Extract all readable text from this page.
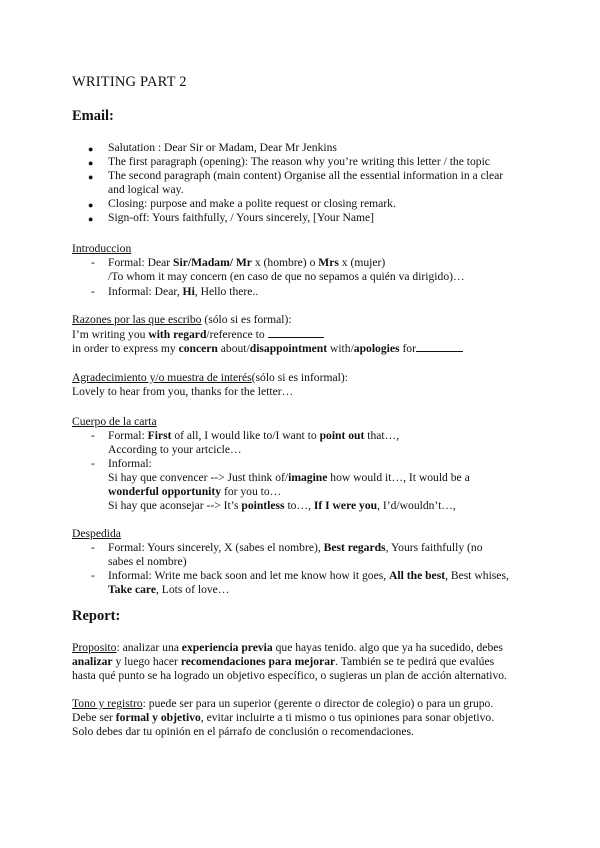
WRITING PART 2
Email:
● Salutation : Dear Sir or Madam, Dear Mr Jenkins
● The first paragraph (opening): The reason why you’re writing this letter / the topic
● The second paragraph (main content) Organise all the essential information in a clear
and logical way.
● Closing: purpose and make a polite request or closing remark.
● Sign-off: Yours faithfully, / Yours sincerely, [Your Name]
Introduccion
- Formal: Dear Sir/Madam/ Mr x (hombre) o Mrs x (mujer)
/To whom it may concern (en caso de que no sepamos a quién va dirigido)…
- Informal: Dear, Hi, Hello there..
Razones por las que escribo (sólo si es formal):
I’m writing you with regard/reference to
in order to express my concern about/disappointment with/apologies for
Agradecimiento y/o muestra de interés(sólo si es informal):
Lovely to hear from you, thanks for the letter…
Cuerpo de la carta
- Formal: First of all, I would like to/I want to point out that…,
According to your artcicle…
- Informal:
Si hay que convencer --> Just think of/imagine how would it…, It would be a
wonderful opportunity for you to…
Si hay que aconsejar --> It’s pointless to…, If I were you, I’d/wouldn’t…,
Despedida
- Formal: Yours sincerely, X (sabes el nombre), Best regards, Yours faithfully (no
sabes el nombre)
- Informal: Write me back soon and let me know how it goes, All the best, Best whises,
Take care, Lots of love…
Report:
Proposito: analizar una experiencia previa que hayas tenido. algo que ya ha sucedido, debes
analizar y luego hacer recomendaciones para mejorar. También se te pedirá que evalúes
hasta qué punto se ha logrado un objetivo específico, o sugieras un plan de acción alternativo.
Tono y registro: puede ser para un superior (gerente o director de colegio) o para un grupo.
Debe ser formal y objetivo, evitar incluirte a ti mismo o tus opiniones para sonar objetivo.
Solo debes dar tu opinión en el párrafo de conclusión o recomendaciones.
